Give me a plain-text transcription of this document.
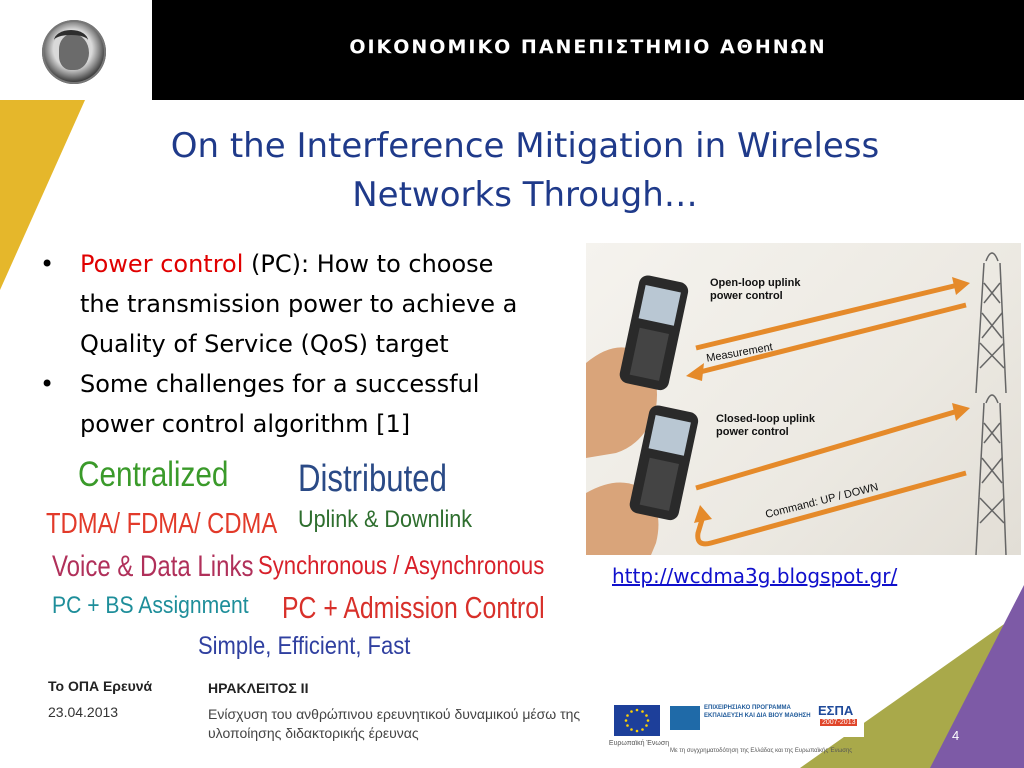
ΟΙΚΟΝΟΜΙΚΟ ΠΑΝΕΠΙΣΤΗΜΙΟ ΑΘΗΝΩΝ
On the Interference Mitigation in Wireless
Networks Through…
• Power control (PC): How to choose
the transmission power to achieve a
Quality of Service (QoS) target
• Some challenges for a successful
power control algorithm [1]
Centralized Distributed
TDMA/ FDMA/ CDMA Uplink & Downlink
Voice & Data Links Synchronous / Asynchronous
PC + BS Assignment PC + Admission Control
Simple, Efficient, Fast
Open-loop uplink
power control
Measurement
Closed-loop uplink
power control
Command: UP / DOWN
http://wcdma3g.blogspot.gr/
Το ΟΠΑ Ερευνά
23.04.2013
ΗΡΑΚΛΕΙΤΟΣ ΙΙ
Ενίσχυση του ανθρώπινου ερευνητικού δυναμικού μέσω της υλοποίησης διδακτορικής έρευνας
Ευρωπαϊκή Ένωση
ΕΠΙΧΕΙΡΗΣΙΑΚΟ ΠΡΟΓΡΑΜΜΑ ΕΚΠΑΙΔΕΥΣΗ ΚΑΙ ΔΙΑ ΒΙΟΥ ΜΑΘΗΣΗ ΕΣΠΑ
2007-2013
Με τη συγχρηματοδότηση της Ελλάδας και της Ευρωπαϊκής Ένωσης
4
